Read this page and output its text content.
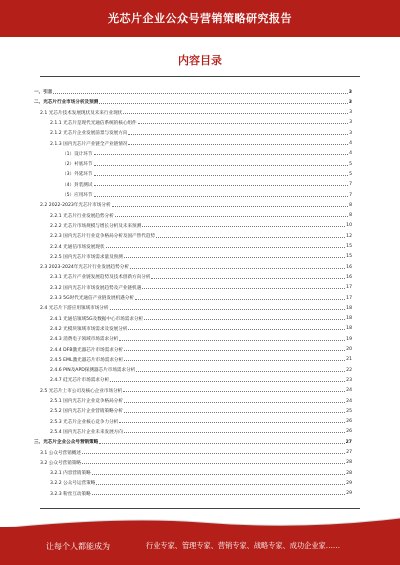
光芯片企业公众号营销策略研究报告
内容目录
一、引言	3
二、光芯片行业市场分析及预测	3
2.1 光芯片技术发展现状及未来行业现状	3
2.1.1 光芯片是现代光通信系统的核心组件	3
2.1.2 光芯片企业发展前景与发展方向	3
2.1.3 国内光芯片产业链全产业链情况	4
（1）设计环节	4
（2）衬底环节	5
（3）外延环节	5
（4）封装测试	7
（5）应用环节	7
2.2 2022-2023年光芯片市场分析	8
2.2.1 光芯片行业发展趋势分析	8
2.2.2 光芯片市场规模与增长分析及未来预测	10
2.2.3 国内光芯片行业竞争格局分析及国产替代趋势	12
2.2.4 光通信市场发展现状	15
2.2.5 国内光芯片市场需求量及预测	15
2.3 2023-2024年光芯片行业发展趋势分析	16
2.3.1 光芯片产业链发展趋势及技术创新方向分析	16
2.3.2 国内光芯片市场发展趋势及产业链机遇	17
2.3.3 5G时代光通信产业链发展机遇分析	17
2.4 光芯片下游应用领域市场分析	18
2.4.1 光通信领域5G及数据中心市场需求分析	18
2.4.2 光模块领域市场需求及发展分析	18
2.4.3 消费电子领域市场需求分析	19
2.4.4 DFB激光器芯片市场需求分析	20
2.4.5 EML激光器芯片市场需求分析	21
2.4.6 PIN及APD探测器芯片市场需求分析	22
2.4.7 硅光芯片市场需求分析	23
2.5 光芯片上市公司及核心企业市场分析	24
2.5.1 国内光芯片企业竞争格局分析	24
2.5.2 国内光芯片企业营销策略分析	25
2.5.3 光芯片企业核心竞争力分析	26
2.5.4 国内光芯片企业未来发展方向	26
三、光芯片企业公众号营销策略	27
3.1 公众号营销概述	27
3.2 公众号营销策略	28
3.2.1 内容营销策略	28
3.2.2 公众号运营策略	29
3.2.3 粉丝互动策略	29
让每个人都能成为	行业专家、管理专家、营销专家、战略专家、成功企业家……
